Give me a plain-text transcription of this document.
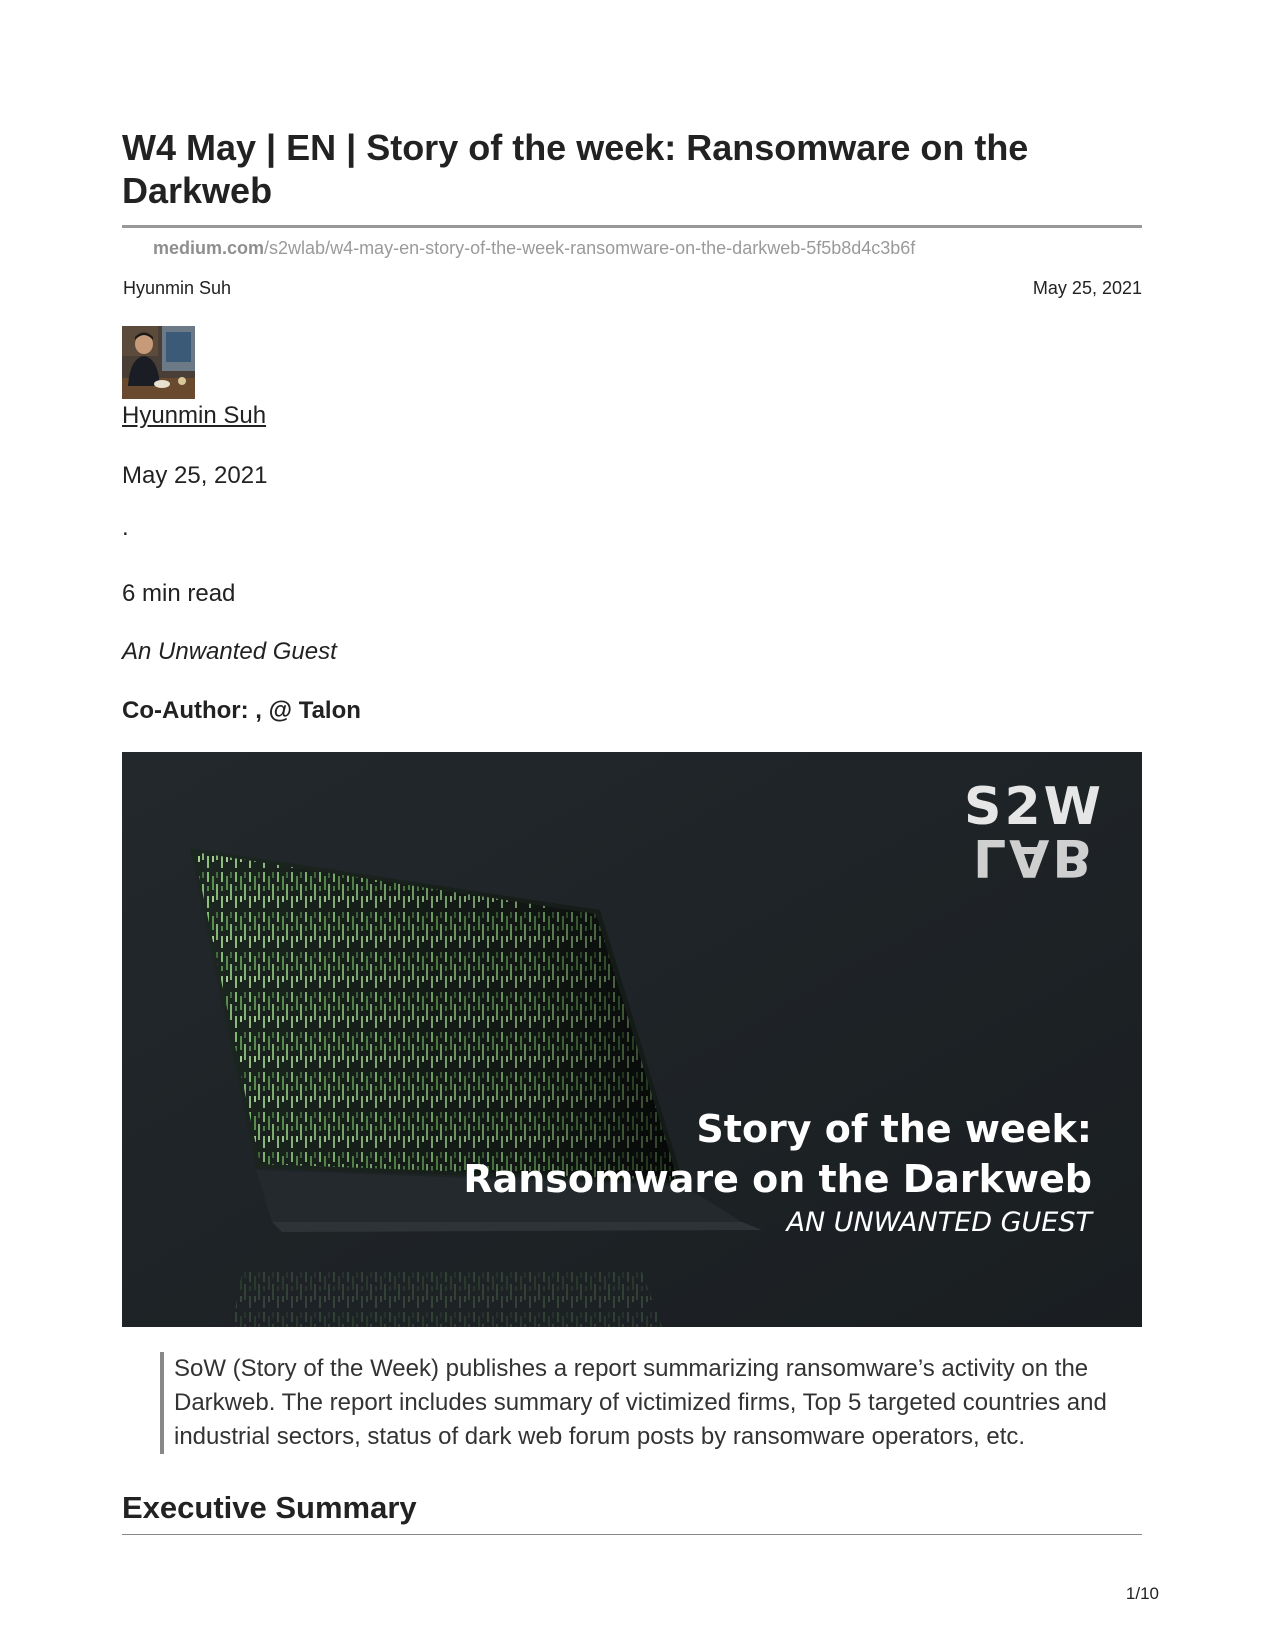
W4 May | EN | Story of the week: Ransomware on the Darkweb
medium.com/s2wlab/w4-may-en-story-of-the-week-ransomware-on-the-darkweb-5f5b8d4c3b6f
Hyunmin Suh	May 25, 2021
Hyunmin Suh
May 25, 2021
.
6 min read
An Unwanted Guest
Co-Author: , @ Talon
S2W
LAB
Story of the week:
Ransomware on the Darkweb
AN UNWANTED GUEST
SoW (Story of the Week) publishes a report summarizing ransomware’s activity on the Darkweb. The report includes summary of victimized firms, Top 5 targeted countries and industrial sectors, status of dark web forum posts by ransomware operators, etc.
Executive Summary
1/10
